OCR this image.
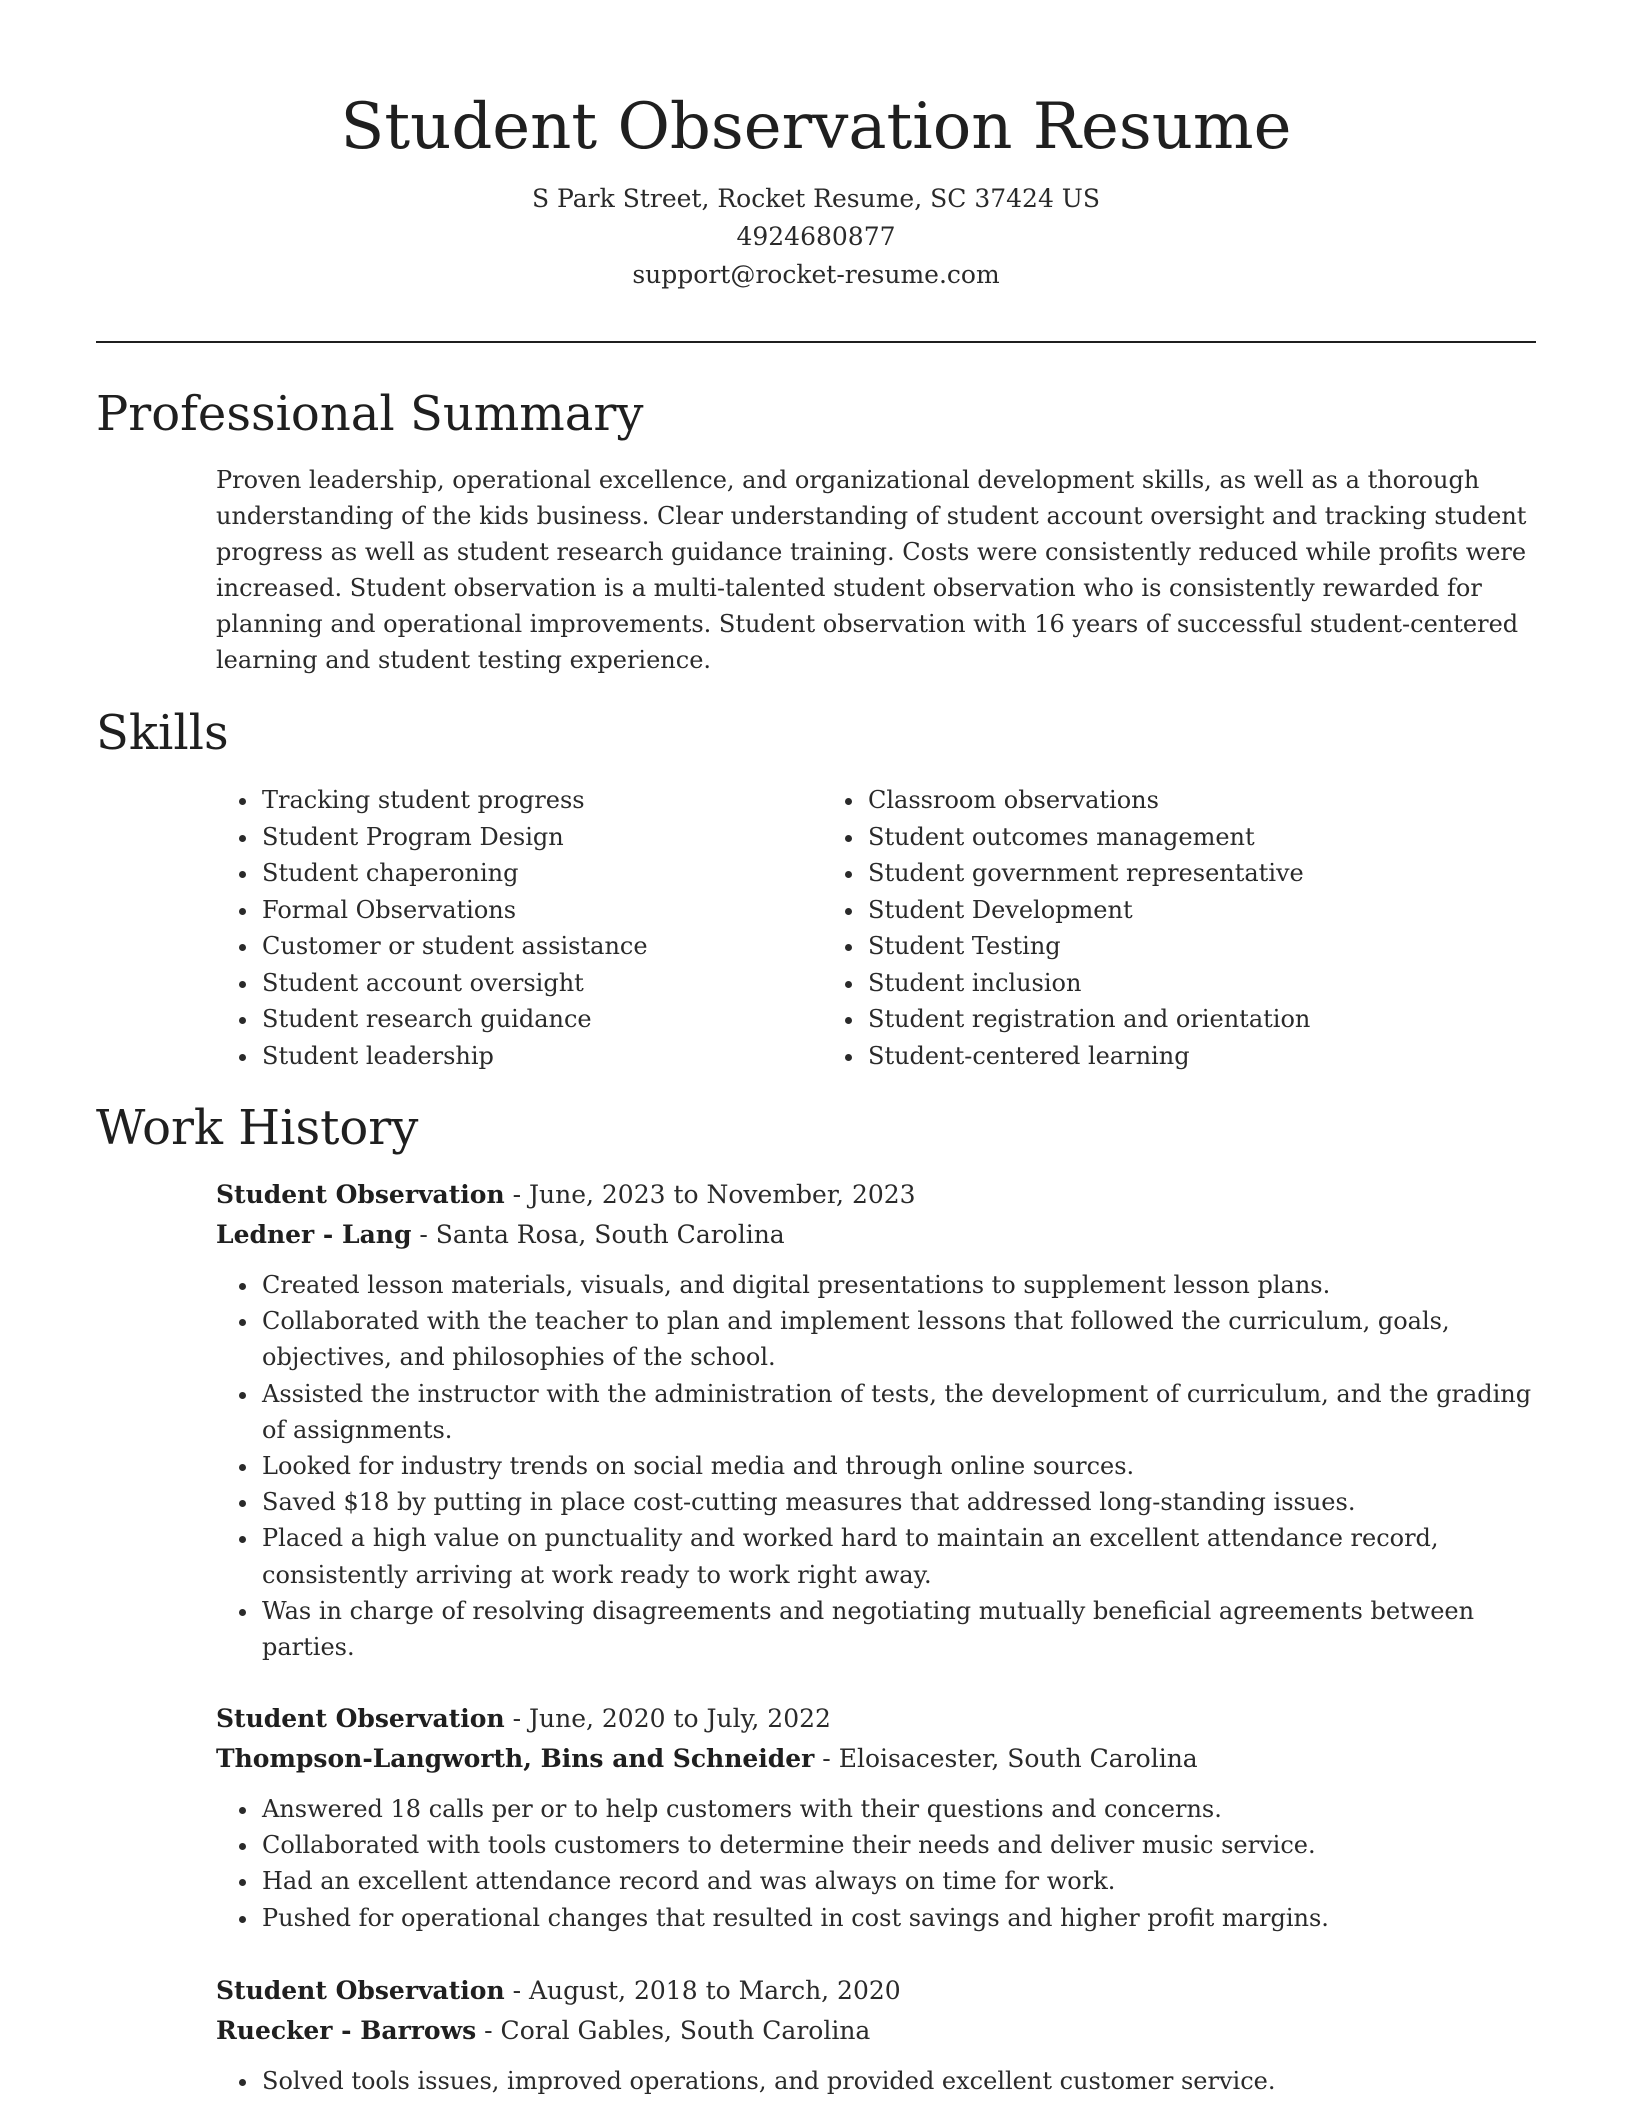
Student Observation Resume
S Park Street, Rocket Resume, SC 37424 US
4924680877
support@rocket-resume.com
Professional Summary

Proven leadership, operational excellence, and organizational development skills, as well as a thorough understanding of the kids business. Clear understanding of student account oversight and tracking student progress as well as student research guidance training. Costs were consistently reduced while profits were increased. Student observation is a multi-talented student observation who is consistently rewarded for planning and operational improvements. Student observation with 16 years of successful student-centered learning and student testing experience.

Skills
• Tracking student progress
• Student Program Design
• Student chaperoning
• Formal Observations
• Customer or student assistance
• Student account oversight
• Student research guidance
• Student leadership
• Classroom observations
• Student outcomes management
• Student government representative
• Student Development
• Student Testing
• Student inclusion
• Student registration and orientation
• Student-centered learning
Work History
Student Observation - June, 2023 to November, 2023
Ledner - Lang - Santa Rosa, South Carolina
• Created lesson materials, visuals, and digital presentations to supplement lesson plans.
• Collaborated with the teacher to plan and implement lessons that followed the curriculum, goals, objectives, and philosophies of the school.
• Assisted the instructor with the administration of tests, the development of curriculum, and the grading of assignments.
• Looked for industry trends on social media and through online sources.
• Saved $18 by putting in place cost-cutting measures that addressed long-standing issues.
• Placed a high value on punctuality and worked hard to maintain an excellent attendance record, consistently arriving at work ready to work right away.
• Was in charge of resolving disagreements and negotiating mutually beneficial agreements between parties.
Student Observation - June, 2020 to July, 2022
Thompson-Langworth, Bins and Schneider - Eloisacester, South Carolina
• Answered 18 calls per or to help customers with their questions and concerns.
• Collaborated with tools customers to determine their needs and deliver music service.
• Had an excellent attendance record and was always on time for work.
• Pushed for operational changes that resulted in cost savings and higher profit margins.
Student Observation - August, 2018 to March, 2020
Ruecker - Barrows - Coral Gables, South Carolina
• Solved tools issues, improved operations, and provided excellent customer service.
